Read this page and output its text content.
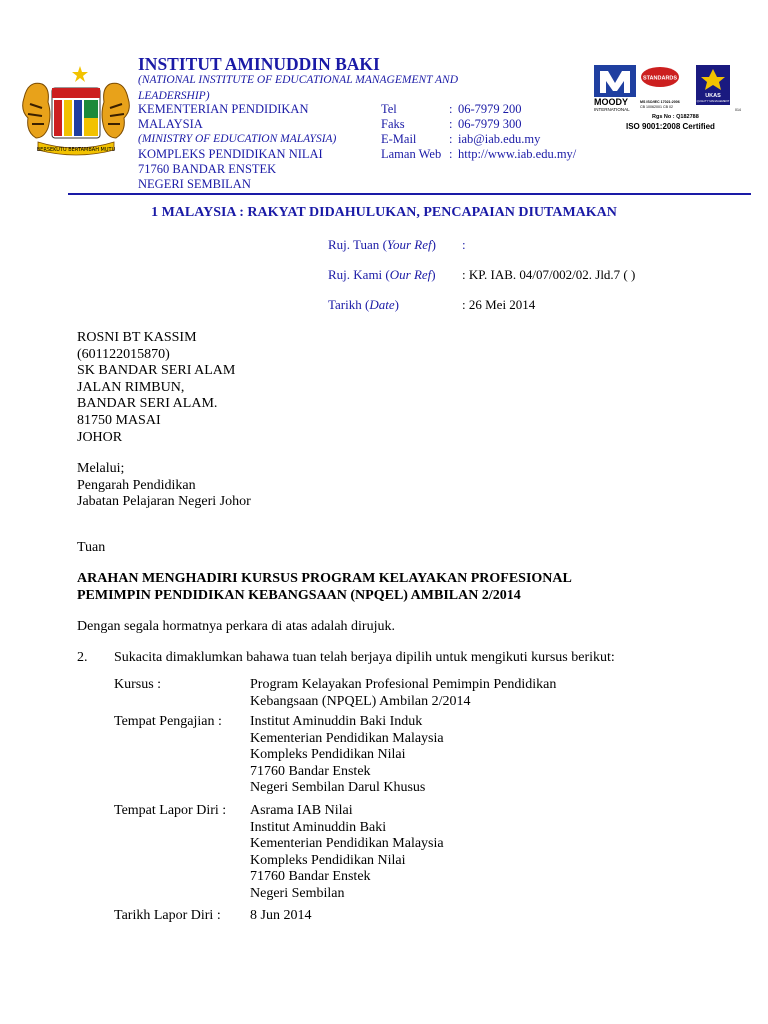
BERSEKUTU BERTAMBAH MUTU
INSTITUT AMINUDDIN BAKI
(NATIONAL INSTITUTE OF EDUCATIONAL MANAGEMENT AND
LEADERSHIP)
KEMENTERIAN PENDIDIKAN
MALAYSIA
(MINISTRY OF EDUCATION MALAYSIA)
KOMPLEKS PENDIDIKAN NILAI
71760 BANDAR ENSTEK
NEGERI SEMBILAN
Tel
Faks
E-Mail
Laman Web
:
:
:
:
06-7979 200
06-7979 300
iab@iab.edu.my
http://www.iab.edu.my/
MOODY
INTERNATIONAL
STANDARDS
MS ISO/IEC 17021:2006
CB 10062001 CB 02
UKAS
QUALITY MANAGEMENT
014
Rgs No : Q182788
ISO 9001:2008 Certified
1 MALAYSIA : RAKYAT DIDAHULUKAN, PENCAPAIAN DIUTAMAKAN
Ruj. Tuan (Your Ref) :
Ruj. Kami (Our Ref) : KP. IAB. 04/07/002/02. Jld.7 ( )
Tarikh (Date)	: 26 Mei 2014
ROSNI BT KASSIM
(601122015870)
SK BANDAR SERI ALAM
JALAN RIMBUN,
BANDAR SERI ALAM.
81750 MASAI
JOHOR
Melalui;
Pengarah Pendidikan
Jabatan Pelajaran Negeri Johor
Tuan
ARAHAN MENGHADIRI KURSUS PROGRAM KELAYAKAN PROFESIONAL
PEMIMPIN PENDIDIKAN KEBANGSAAN (NPQEL) AMBILAN 2/2014
Dengan segala hormatnya perkara di atas adalah dirujuk.
2. Sukacita dimaklumkan bahawa tuan telah berjaya dipilih untuk mengikuti kursus berikut:
Kursus :	Program Kelayakan Profesional Pemimpin Pendidikan
Kebangsaan (NPQEL) Ambilan 2/2014
Tempat Pengajian : Institut Aminuddin Baki Induk
Kementerian Pendidikan Malaysia
Kompleks Pendidikan Nilai
71760 Bandar Enstek
Negeri Sembilan Darul Khusus
Tempat Lapor Diri : Asrama IAB Nilai
Institut Aminuddin Baki
Kementerian Pendidikan Malaysia
Kompleks Pendidikan Nilai
71760 Bandar Enstek
Negeri Sembilan
Tarikh Lapor Diri : 8 Jun 2014
